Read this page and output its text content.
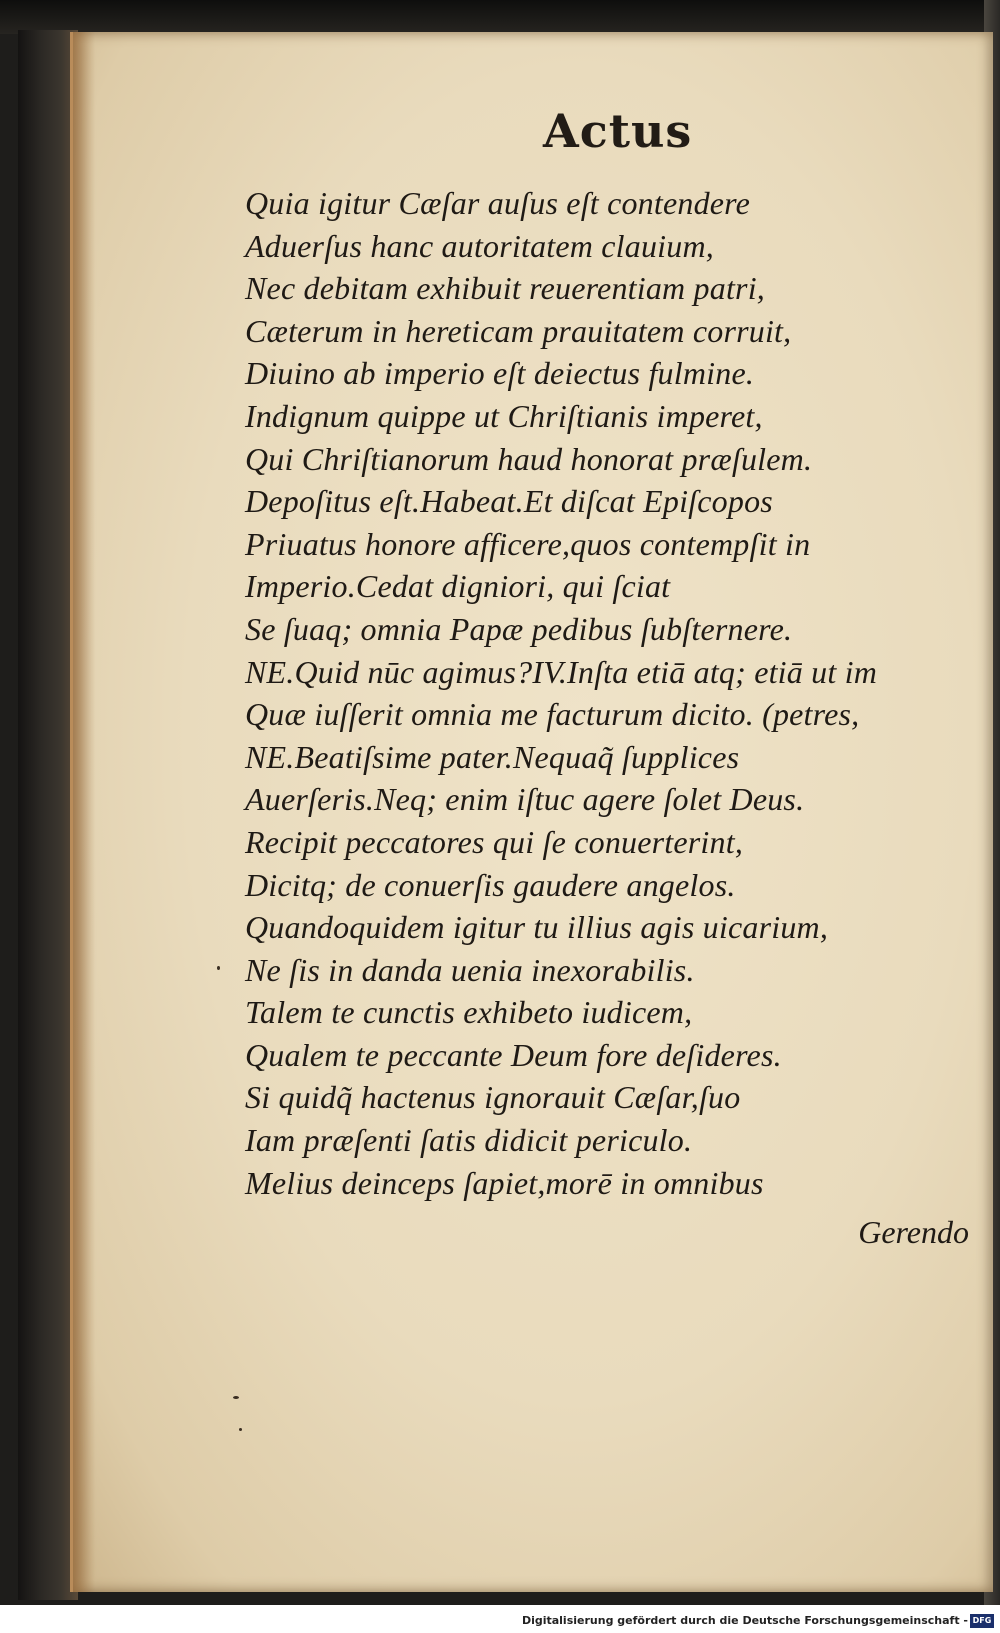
Actus
Quia igitur Cæſar auſus eſt contendere
Aduerſus hanc autoritatem clauium,
Nec debitam exhibuit reuerentiam patri,
Cæterum in hereticam prauitatem corruit,
Diuino ab imperio eſt deiectus fulmine.
Indignum quippe ut Chriſtianis imperet,
Qui Chriſtianorum haud honorat præſulem.
Depoſitus eſt.Habeat.Et diſcat Epiſcopos
Priuatus honore afficere,quos contempſit in
Imperio.Cedat digniori, qui ſciat
Se ſuaq; omnia Papæ pedibus ſubſternere.
NE.Quid nūc agimus?IV.Inſta etiā atq; etiā ut im
Quæ iuſſerit omnia me facturum dicito. (petres,
NE.Beatiſsime pater.Nequaq̃ ſupplices
Auerſeris.Neq; enim iſtuc agere ſolet Deus.
Recipit peccatores qui ſe conuerterint,
Dicitq; de conuerſis gaudere angelos.
Quandoquidem igitur tu illius agis uicarium,
Ne ſis in danda uenia inexorabilis.
Talem te cunctis exhibeto iudicem,
Qualem te peccante Deum fore deſideres.
Si quidq̃ hactenus ignorauit Cæſar,ſuo
Iam præſenti ſatis didicit periculo.
Melius deinceps ſapiet,morē in omnibus
Gerendo
Digitalisierung gefördert durch die Deutsche Forschungsgemeinschaft - DFG
